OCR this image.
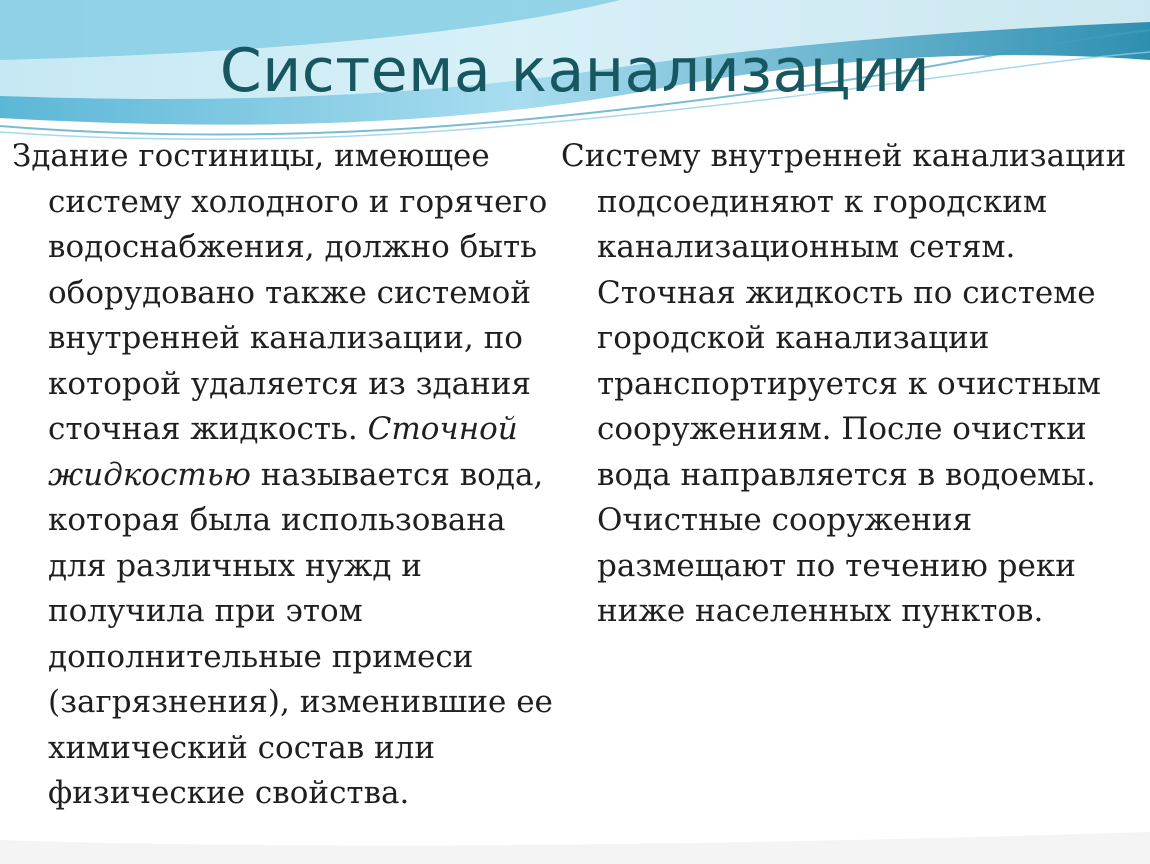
Система канализации

Здание гостиницы, имеющее систему холодного и горячего водоснабжения, должно быть оборудовано также системой внутренней канализации, по которой удаляется из здания сточная жидкость. Сточной жидкостью называется вода, которая была использована для различных нужд и получила при этом дополнительные примеси (загрязнения), изменившие ее химический состав или физические свойства.

Систему внутренней канализации подсоединяют к городским канализационным сетям. Сточная жидкость по системе городской канализации транспортируется к очистным сооружениям. После очистки вода направляется в водоемы. Очистные сооружения размещают по течению реки ниже населенных пунктов.
